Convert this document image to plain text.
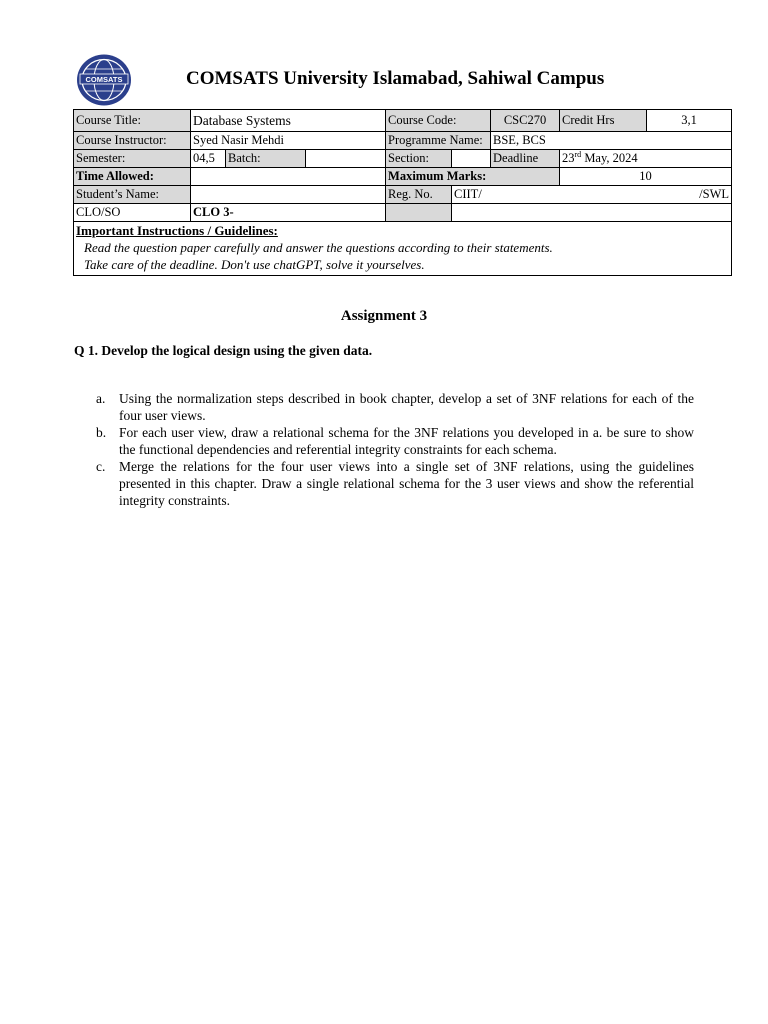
COMSATS	COMSATS University Islamabad, Sahiwal Campus
Course Title:	Database Systems			Course Code:		CSC270	Credit Hrs	3,1
Course Instructor:	Syed Nasir Mehdi			Programme Name:		BSE, BCS		
Semester:	04,5	Batch:		Section:		Deadline	23rd May, 2024	
Time Allowed:				Maximum Marks:			10	
Student’s Name:				Reg. No.	CIIT/ /SWL			

CLO/SO	CLO 3-							

Important Instructions / Guidelines:
Read the question paper carefully and answer the questions according to their statements.
Take care of the deadline. Don't use chatGPT, solve it yourselves.								
Assignment 3
Q 1. Develop the logical design using the given data.
a.	Using the normalization steps described in book chapter, develop a set of 3NF relations for each of the four user views.
b. For each user view, draw a relational schema for the 3NF relations you developed in a. be sure to show the functional dependencies and referential integrity constraints for each schema.
c.	Merge the relations for the four user views into a single set of 3NF relations, using the guidelines presented in this chapter. Draw a single relational schema for the 3 user views and show the referential integrity constraints.
